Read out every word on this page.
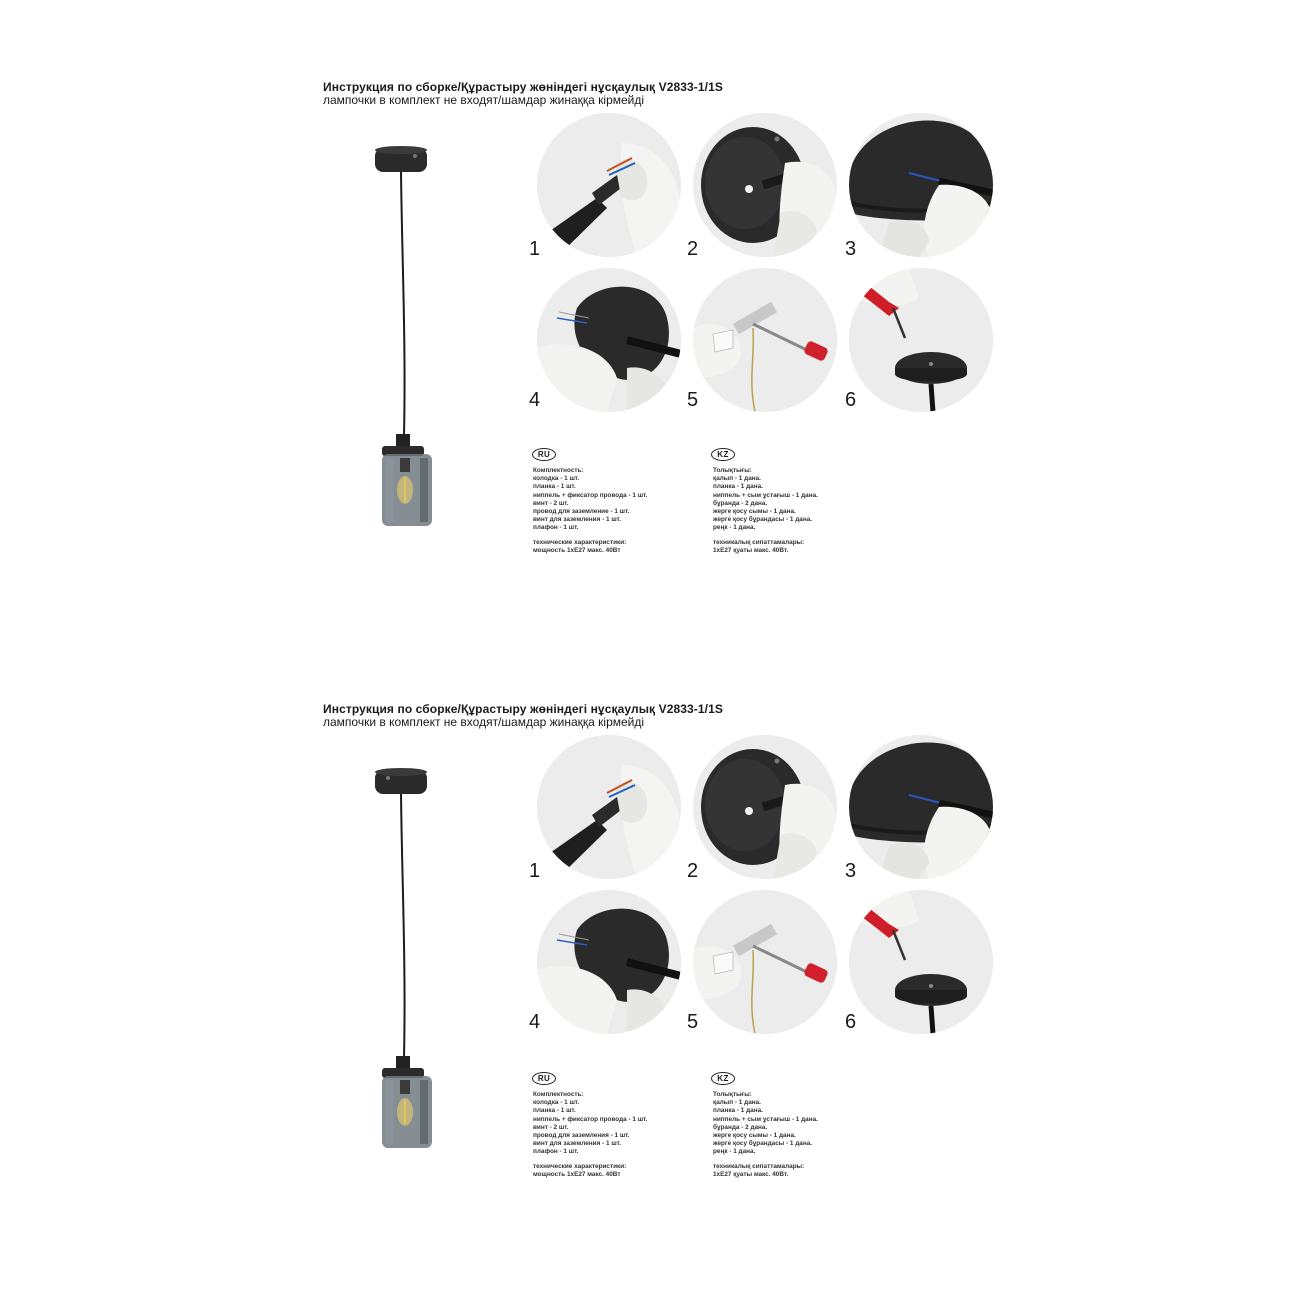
Инструкция по сборке/Құрастыру жөніндегі нұсқаулық V2833-1/1S
лампочки в комплект не входят/шамдар жинаққа кірмейді
1	2	3
4	5	6
RU
Комплектность:
колодка - 1 шт.
планка - 1 шт.
ниппель + фиксатор провода - 1 шт.
винт - 2 шт.
провод для заземление - 1 шт.
винт для заземления - 1 шт.
плафон - 1 шт.
технические характеристики:
мощность 1хЕ27 макс. 40Вт
KZ
Толықтығы:
қалып - 1 дана.
планка - 1 дана.
ниппель + сым ұстағыш - 1 дана.
бұранда - 2 дана.
жерге қосу сымы - 1 дана.
жерге қосу бұрандасы - 1 дана.
реңк - 1 дана.
техникалық сипаттамалары:
1хЕ27 қуаты макс. 40Вт.
Инструкция по сборке/Құрастыру жөніндегі нұсқаулық V2833-1/1S
лампочки в комплект не входят/шамдар жинаққа кірмейді
1	2	3
4	5	6
RU
Комплектность:
колодка - 1 шт.
планка - 1 шт.
ниппель + фиксатор провода - 1 шт.
винт - 2 шт.
провод для заземления - 1 шт.
винт для заземления - 1 шт.
плафон - 1 шт.
технические характеристики:
мощность 1хЕ27 макс. 40Вт
KZ
Толықтығы:
қалып - 1 дана.
планка - 1 дана.
ниппель + сым ұстағыш - 1 дана.
бұранда - 2 дана.
жерге қосу сымы - 1 дана.
жерге қосу бұрандасы - 1 дана.
реңк - 1 дана.
техникалық сипаттамалары:
1хЕ27 қуаты макс. 40Вт.
